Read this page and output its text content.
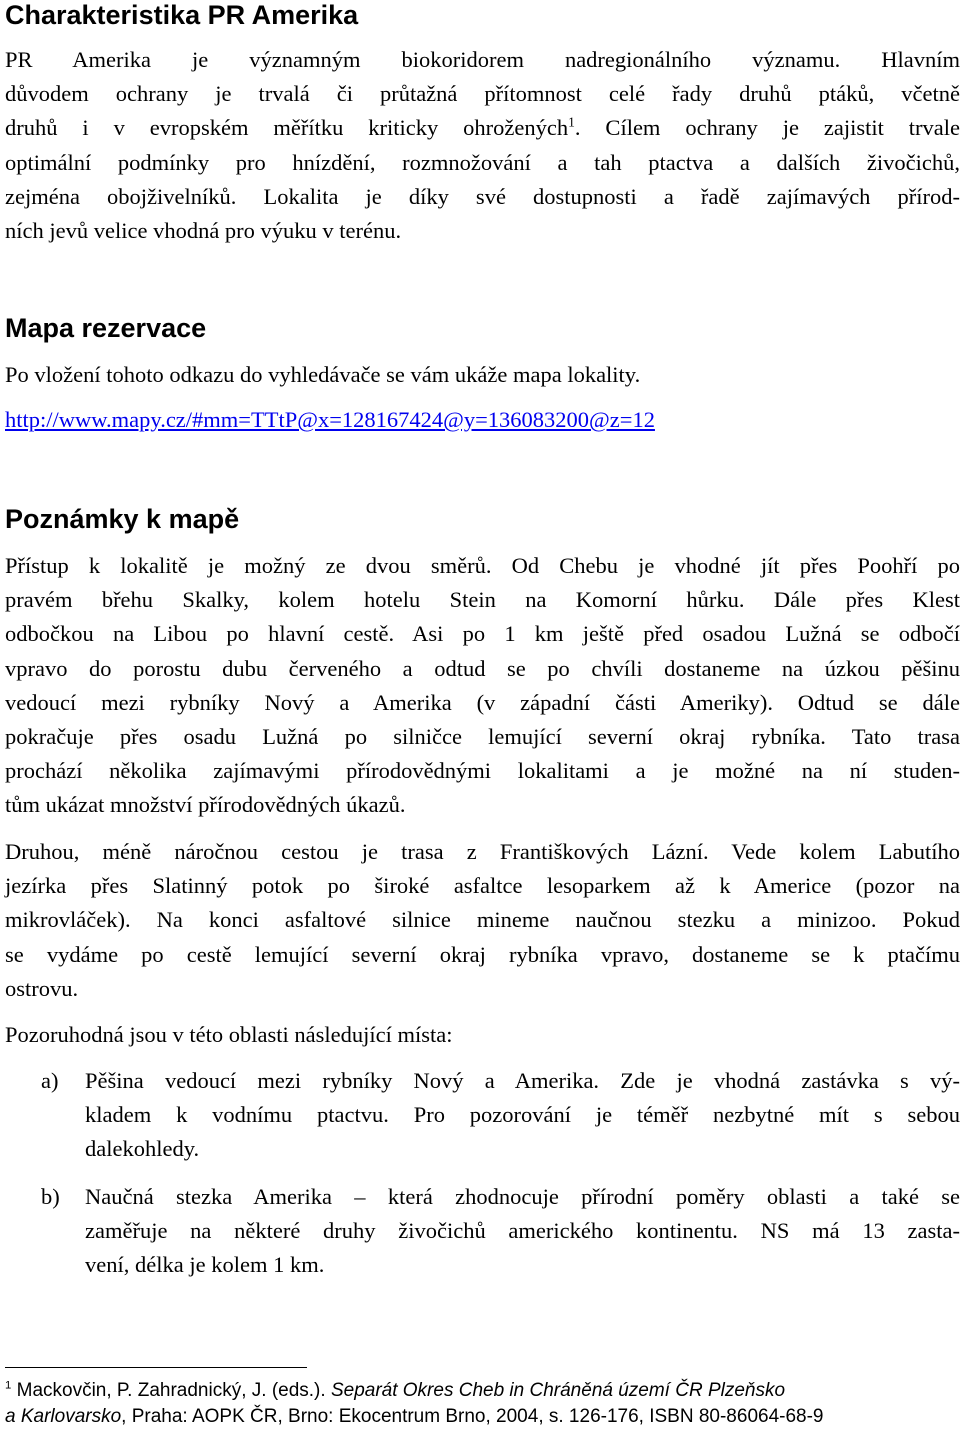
Charakteristika PR Amerika
PR Amerika je významným biokoridorem nadregionálního významu. Hlavním
důvodem ochrany je trvalá či průtažná přítomnost celé řady druhů ptáků, včetně
druhů i v evropském měřítku kriticky ohrožených$^1$. Cílem ochrany je zajistit trvale
optimální podmínky pro hnízdění, rozmnožování a tah ptactva a dalších živočichů,
zejména obojživelníků. Lokalita je díky své dostupnosti a řadě zajímavých přírod-
ních jevů velice vhodná pro výuku v terénu.
Mapa rezervace
Po vložení tohoto odkazu do vyhledávače se vám ukáže mapa lokality.
http://www.mapy.cz/#mm=TTtP@x=128167424@y=136083200@z=12
Poznámky k mapě
Přístup k lokalitě je možný ze dvou směrů. Od Chebu je vhodné jít přes Poohří po
pravém břehu Skalky, kolem hotelu Stein na Komorní hůrku. Dále přes Klest
odbočkou na Libou po hlavní cestě. Asi po 1 km ještě před osadou Lužná se odbočí
vpravo do porostu dubu červeného a odtud se po chvíli dostaneme na úzkou pěšinu
vedoucí mezi rybníky Nový a Amerika (v západní části Ameriky). Odtud se dále
pokračuje přes osadu Lužná po silničce lemující severní okraj rybníka. Tato trasa
prochází několika zajímavými přírodovědnými lokalitami a je možné na ní studen-
tům ukázat množství přírodovědných úkazů.
Druhou, méně náročnou cestou je trasa z Františkových Lázní. Vede kolem Labutího
jezírka přes Slatinný potok po široké asfaltce lesoparkem až k Americe (pozor na
mikrovláček). Na konci asfaltové silnice mineme naučnou stezku a minizoo. Pokud
se vydáme po cestě lemující severní okraj rybníka vpravo, dostaneme se k ptačímu
ostrovu.
Pozoruhodná jsou v této oblasti následující místa:
a) Pěšina vedoucí mezi rybníky Nový a Amerika. Zde je vhodná zastávka s vý-
kladem k vodnímu ptactvu. Pro pozorování je téměř nezbytné mít s sebou
dalekohledy.
b) Naučná stezka Amerika – která zhodnocuje přírodní poměry oblasti a také se
zaměřuje na některé druhy živočichů amerického kontinentu. NS má 13 zasta-
vení, délka je kolem 1 km.
$^1$ Mackovčin, P. Zahradnický, J. (eds.). Separát Okres Cheb in Chráněná území ČR Plzeňsko
a Karlovarsko, Praha: AOPK ČR, Brno: Ekocentrum Brno, 2004, s. 126-176, ISBN 80-86064-68-9
